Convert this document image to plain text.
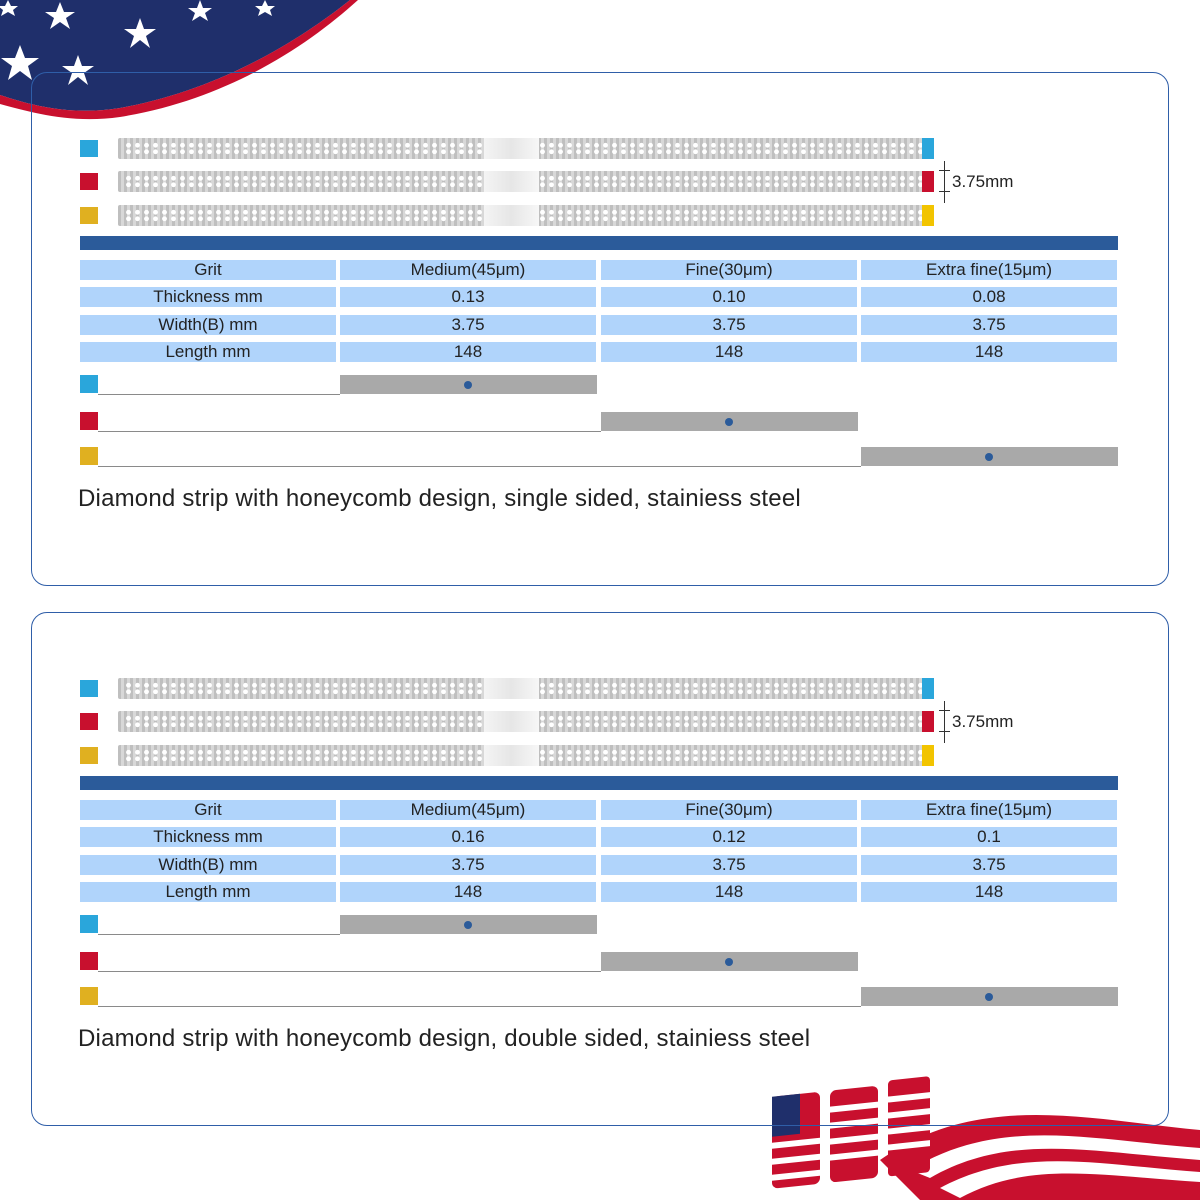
3.75mm
Grit	Medium(45μm)	Fine(30μm)	Extra fine(15μm)
Thickness mm	0.13	0.10	0.08
Width(B) mm	3.75	3.75	3.75
Length mm	148	148	148
Diamond strip with honeycomb design, single sided, stainiess steel
3.75mm
Grit	Medium(45μm)	Fine(30μm)	Extra fine(15μm)
Thickness mm	0.16	0.12	0.1
Width(B) mm	3.75	3.75	3.75
Length mm	148	148	148
Diamond strip with honeycomb design, double sided, stainiess steel
